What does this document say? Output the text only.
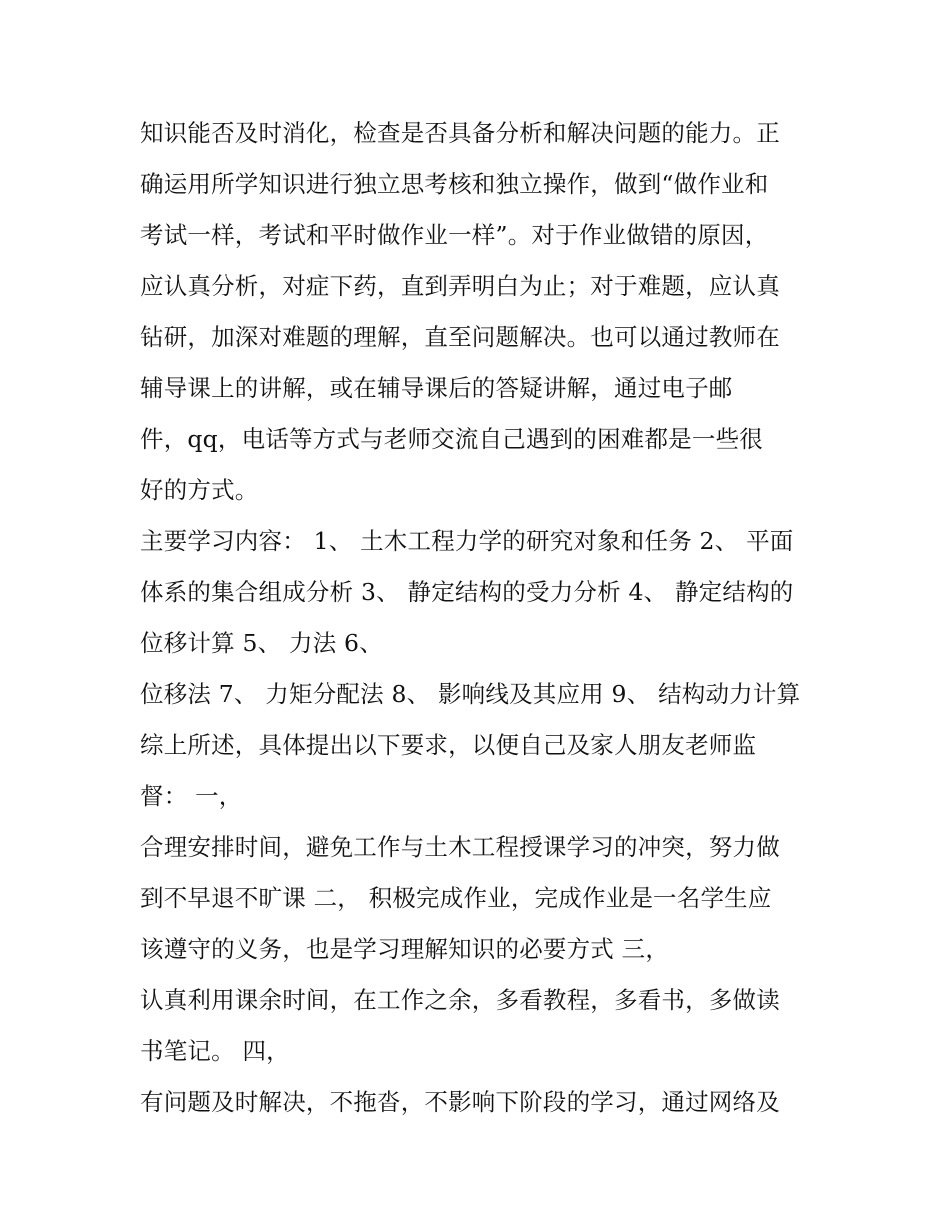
知识能否及时消化，检查是否具备分析和解决问题的能力。正
确运用所学知识进行独立思考核和独立操作，做到“做作业和
考试一样，考试和平时做作业一样”。对于作业做错的原因，
应认真分析，对症下药，直到弄明白为止；对于难题，应认真
钻研，加深对难题的理解，直至问题解决。也可以通过教师在
辅导课上的讲解，或在辅导课后的答疑讲解，通过电子邮
件，qq，电话等方式与老师交流自己遇到的困难都是一些很
好的方式。
主要学习内容： 1、 土木工程力学的研究对象和任务 2、 平面
体系的集合组成分析 3、 静定结构的受力分析 4、 静定结构的
位移计算 5、 力法 6、
位移法 7、 力矩分配法 8、 影响线及其应用 9、 结构动力计算
综上所述，具体提出以下要求，以便自己及家人朋友老师监
督： 一，
合理安排时间，避免工作与土木工程授课学习的冲突，努力做
到不早退不旷课 二， 积极完成作业，完成作业是一名学生应
该遵守的义务，也是学习理解知识的必要方式 三，
认真利用课余时间，在工作之余，多看教程，多看书，多做读
书笔记。 四，
有问题及时解决，不拖沓，不影响下阶段的学习，通过网络及
